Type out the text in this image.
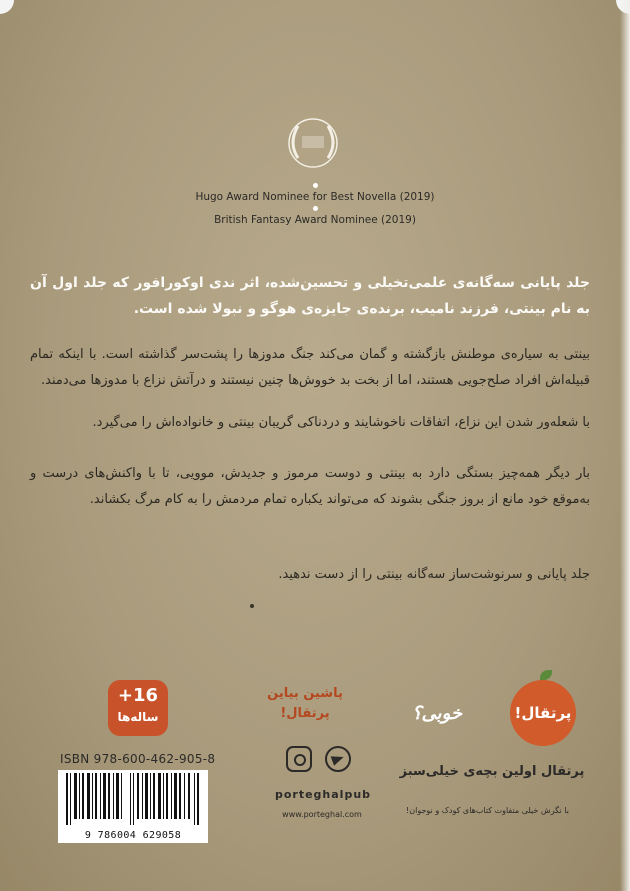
Hugo Award Nominee for Best Novella (2019)
British Fantasy Award Nominee (2019)
جلد پایانی سه‌گانه‌ی علمی‌تخیلی و تحسین‌شده، اثر ندی اوکورافور که جلد اول آن به نام بینتی، فرزند نامیب، برنده‌ی جایزه‌ی هوگو و نبولا شده است.
بینتی به سیاره‌ی موطنش بازگشته و گمان می‌کند جنگ مدوزها را پشت‌سر گذاشته است. با اینکه تمام قبیله‌اش افراد صلح‌جویی هستند، اما از بخت بد خووش‌ها چنین نیستند و درآتش نزاع با مدوزها می‌دمند.
با شعله‌ور شدن این نزاع، اتفاقات ناخوشایند و دردناکی گریبان بینتی و خانواده‌اش را می‌گیرد.
بار دیگر همه‌چیز بستگی دارد به بینتی و دوست مرموز و جدیدش، موویی، تا با واکنش‌های درست و به‌موقع خود مانع از بروز جنگی بشوند که می‌تواند یکباره تمام مردمش را به کام مرگ بکشاند.
جلد پایانی و سرنوشت‌ساز سه‌گانه بینتی را از دست ندهید.
+16
ساله‌ها
ISBN 978-600-462-905-8
9 786004 629058
پاشین بیاین
پرتقال!

porteghalpub
www.porteghal.com
پرتقال!
خوبی؟
پرتقال اولین بچه‌ی خیلی‌سبز
با نگرش خیلی متفاوت کتاب‌های کودک و نوجوان!
